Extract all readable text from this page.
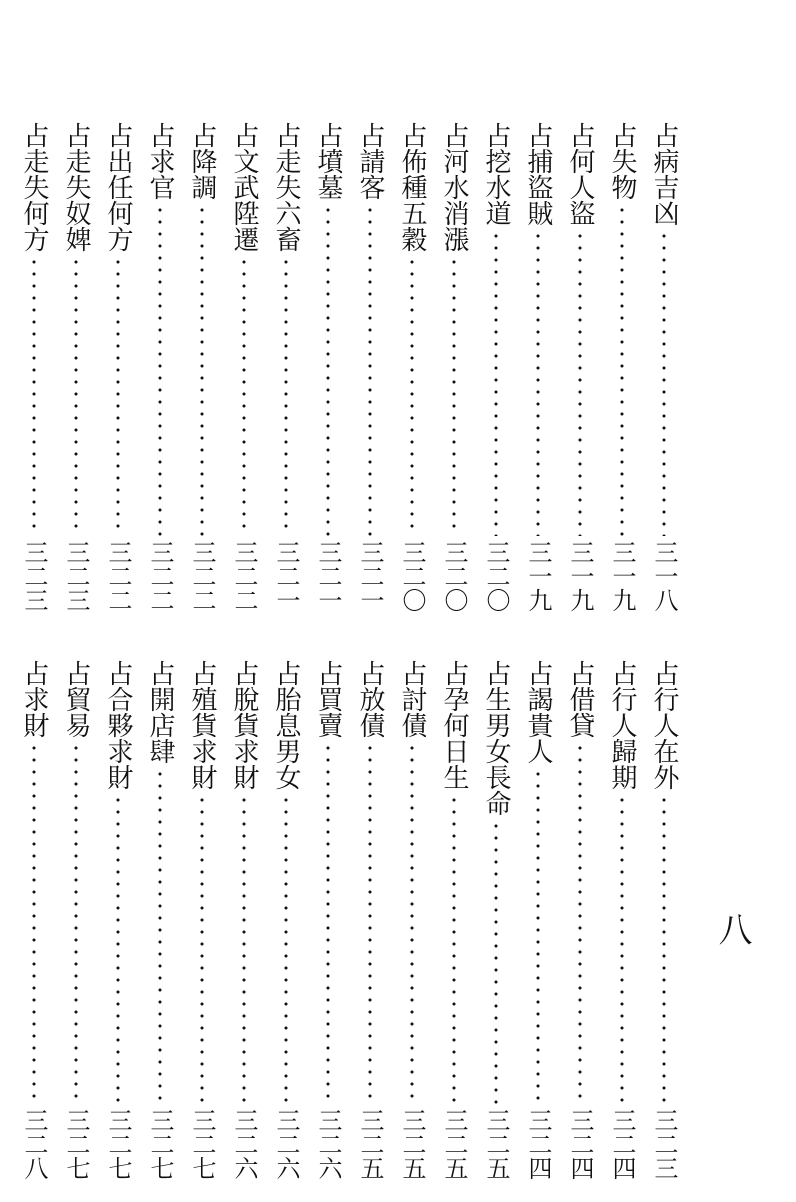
占病吉凶
三一八
占失物
三一九
占何人盜
三一九
占捕盜賊
三一九
占挖水道
三二〇
占河水消漲
三二〇
占佈種五穀
三二〇
占請客
三二一
占墳墓
三二一
占走失六畜
三二一
占文武陞遷
三二二
占降調
三二二
占求官
三二二
占出任何方
三二二
占走失奴婢
三二三
占走失何方
三二三
占行人在外
三二三
占行人歸期
三二四
占借貸
三二四
占謁貴人
三二四
占生男女長命
三二五
占孕何日生
三二五
占討債
三二五
占放債
三二五
占買賣
三二六
占胎息男女
三二六
占脫貨求財
三二六
占殖貨求財
三二七
占開店肆
三二七
占合夥求財
三二七
占貿易
三二七
占求財
三二八
八
